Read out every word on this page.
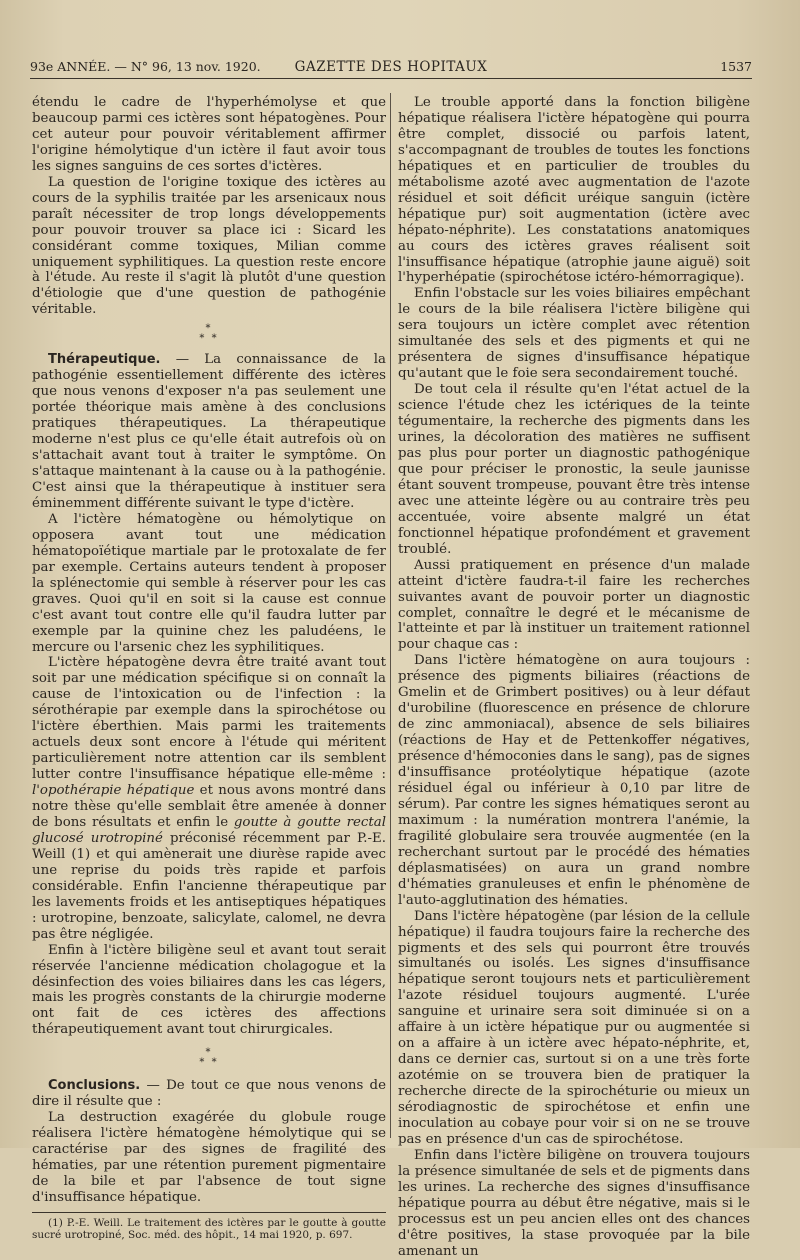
93e ANNÉE. — N° 96, 13 nov. 1920.	GAZETTE DES HOPITAUX	1537

étendu le cadre de l'hyperhémolyse et que beaucoup parmi ces ictères sont hépatogènes. Pour cet auteur pour pouvoir véritablement affirmer l'origine hémolytique d'un ictère il faut avoir tous les signes sanguins de ces sortes d'ictères.

La question de l'origine toxique des ictères au cours de la syphilis traitée par les arsenicaux nous paraît nécessiter de trop longs développements pour pouvoir trouver sa place ici : Sicard les considérant comme toxiques, Milian comme uniquement syphilitiques. La question reste encore à l'étude. Au reste il s'agit là plutôt d'une question d'étiologie que d'une question de pathogénie véritable.

*
* *

Thérapeutique. — La connaissance de la pathogénie essentiellement différente des ictères que nous venons d'exposer n'a pas seulement une portée théorique mais amène à des conclusions pratiques thérapeutiques. La thérapeutique moderne n'est plus ce qu'elle était autrefois où on s'attachait avant tout à traiter le symptôme. On s'attaque maintenant à la cause ou à la pathogénie. C'est ainsi que la thérapeutique à instituer sera éminemment différente suivant le type d'ictère.

A l'ictère hématogène ou hémolytique on opposera avant tout une médication hématopoïétique martiale par le protoxalate de fer par exemple. Certains auteurs tendent à proposer la splénectomie qui semble à réserver pour les cas graves. Quoi qu'il en soit si la cause est connue c'est avant tout contre elle qu'il faudra lutter par exemple par la quinine chez les paludéens, le mercure ou l'arsenic chez les syphilitiques.

L'ictère hépatogène devra être traité avant tout soit par une médication spécifique si on connaît la cause de l'intoxication ou de l'infection : la sérothérapie par exemple dans la spirochétose ou l'ictère éberthien. Mais parmi les traitements actuels deux sont encore à l'étude qui méritent particulièrement notre attention car ils semblent lutter contre l'insuffisance hépatique elle-même : l'opothérapie hépatique et nous avons montré dans notre thèse qu'elle semblait être amenée à donner de bons résultats et enfin le goutte à goutte rectal glucosé urotropiné préconisé récemment par P.-E. Weill (1) et qui amènerait une diurèse rapide avec une reprise du poids très rapide et parfois considérable. Enfin l'ancienne thérapeutique par les lavements froids et les antiseptiques hépatiques : urotropine, benzoate, salicylate, calomel, ne devra pas être négligée.

Enfin à l'ictère biligène seul et avant tout serait réservée l'ancienne médication cholagogue et la désinfection des voies biliaires dans les cas légers, mais les progrès constants de la chirurgie moderne ont fait de ces ictères des affections thérapeutiquement avant tout chirurgicales.

*
* *

Conclusions. — De tout ce que nous venons de dire il résulte que :

La destruction exagérée du globule rouge réalisera l'ictère hématogène hémolytique qui se caractérise par des signes de fragilité des hématies, par une rétention purement pigmentaire de la bile et par l'absence de tout signe d'insuffisance hépatique.

(1) P.-E. Weill. Le traitement des ictères par le goutte à goutte sucré urotropiné, Soc. méd. des hôpit., 14 mai 1920, p. 697.

Le trouble apporté dans la fonction biligène hépatique réalisera l'ictère hépatogène qui pourra être complet, dissocié ou parfois latent, s'accompagnant de troubles de toutes les fonctions hépatiques et en particulier de troubles du métabolisme azoté avec augmentation de l'azote résiduel et soit déficit uréique sanguin (ictère hépatique pur) soit augmentation (ictère avec hépato-néphrite). Les constatations anatomiques au cours des ictères graves réalisent soit l'insuffisance hépatique (atrophie jaune aiguë) soit l'hyperhépatie (spirochétose ictéro-hémorragique).

Enfin l'obstacle sur les voies biliaires empêchant le cours de la bile réalisera l'ictère biligène qui sera toujours un ictère complet avec rétention simultanée des sels et des pigments et qui ne présentera de signes d'insuffisance hépatique qu'autant que le foie sera secondairement touché.

De tout cela il résulte qu'en l'état actuel de la science l'étude chez les ictériques de la teinte tégumentaire, la recherche des pigments dans les urines, la décoloration des matières ne suffisent pas plus pour porter un diagnostic pathogénique que pour préciser le pronostic, la seule jaunisse étant souvent trompeuse, pouvant être très intense avec une atteinte légère ou au contraire très peu accentuée, voire absente malgré un état fonctionnel hépatique profondément et gravement troublé.

Aussi pratiquement en présence d'un malade atteint d'ictère faudra-t-il faire les recherches suivantes avant de pouvoir porter un diagnostic complet, connaître le degré et le mécanisme de l'atteinte et par là instituer un traitement rationnel pour chaque cas :

Dans l'ictère hématogène on aura toujours : présence des pigments biliaires (réactions de Gmelin et de Grimbert positives) ou à leur défaut d'urobiline (fluorescence en présence de chlorure de zinc ammoniacal), absence de sels biliaires (réactions de Hay et de Pettenkoffer négatives, présence d'hémoconies dans le sang), pas de signes d'insuffisance protéolytique hépatique (azote résiduel égal ou inférieur à 0,10 par litre de sérum). Par contre les signes hématiques seront au maximum : la numération montrera l'anémie, la fragilité globulaire sera trouvée augmentée (en la recherchant surtout par le procédé des hématies déplasmatisées) on aura un grand nombre d'hématies granuleuses et enfin le phénomène de l'auto-agglutination des hématies.

Dans l'ictère hépatogène (par lésion de la cellule hépatique) il faudra toujours faire la recherche des pigments et des sels qui pourront être trouvés simultanés ou isolés. Les signes d'insuffisance hépatique seront toujours nets et particulièrement l'azote résiduel toujours augmenté. L'urée sanguine et urinaire sera soit diminuée si on a affaire à un ictère hépatique pur ou augmentée si on a affaire à un ictère avec hépato-néphrite, et, dans ce dernier cas, surtout si on a une très forte azotémie on se trouvera bien de pratiquer la recherche directe de la spirochéturie ou mieux un sérodiagnostic de spirochétose et enfin une inoculation au cobaye pour voir si on ne se trouve pas en présence d'un cas de spirochétose.

Enfin dans l'ictère biligène on trouvera toujours la présence simultanée de sels et de pigments dans les urines. La recherche des signes d'insuffisance hépatique pourra au début être négative, mais si le processus est un peu ancien elles ont des chances d'être positives, la stase provoquée par la bile amenant un
